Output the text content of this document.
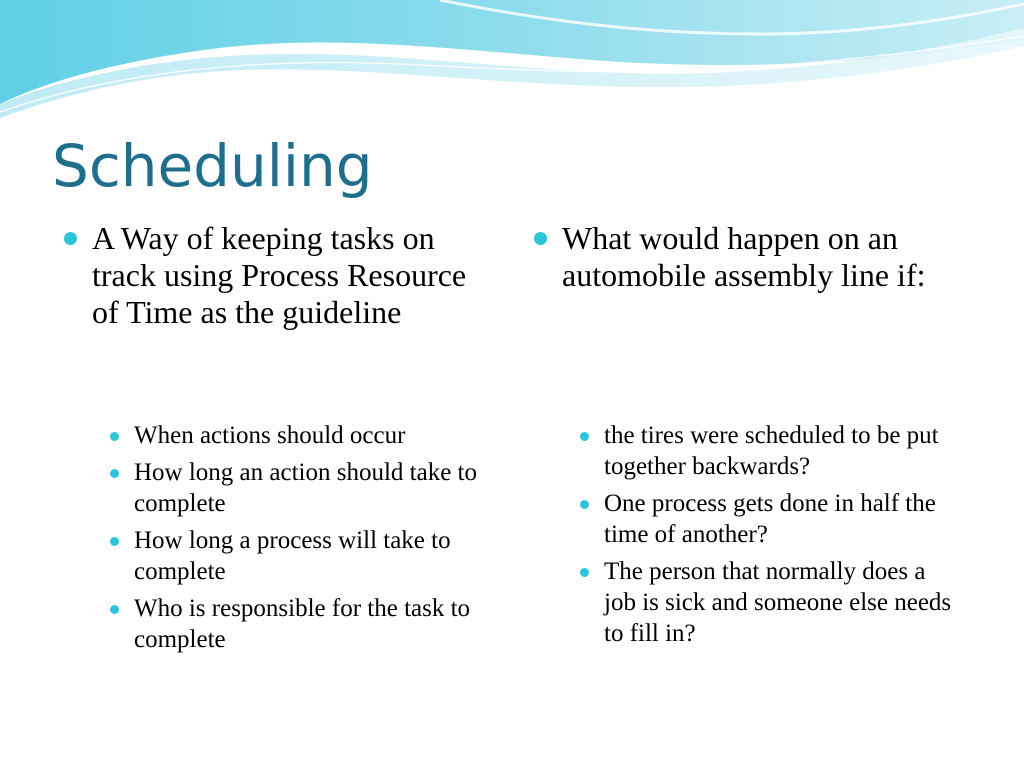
Scheduling

A Way of keeping tasks on track using Process Resource of Time as the guideline

When actions should occur
How long an action should take to complete
How long a process will take to complete
Who is responsible for the task to complete

What would happen on an automobile assembly line if:

the tires were scheduled to be put together backwards?
One process gets done in half the time of another?
The person that normally does a job is sick and someone else needs to fill in?
